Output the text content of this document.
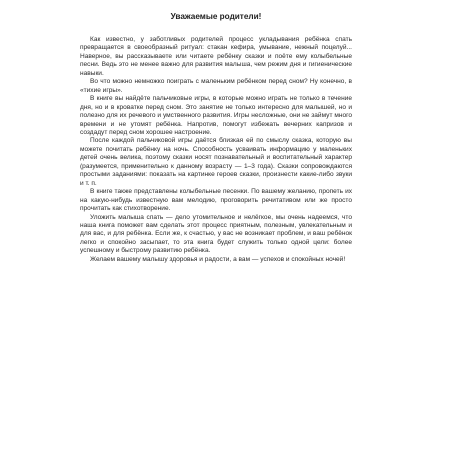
Уважаемые родители!

Как известно, у заботливых родителей процесс укладывания ребёнка спать превращается в своеобразный ритуал: стакан кефира, умывание, нежный поцелуй... Наверное, вы рассказываете или читаете ребёнку сказки и поёте ему колыбельные песни. Ведь это не менее важно для развития малыша, чем режим дня и гигиенические навыки.

Во что можно немножко поиграть с маленьким ребёнком перед сном? Ну конечно, в «тихие игры».

В книге вы найдёте пальчиковые игры, в которые можно играть не только в течение дня, но и в кроватке перед сном. Это занятие не только интересно для малышей, но и полезно для их речевого и умственного развития. Игры несложные, они не займут много времени и не утомят ребёнка. Напротив, помогут избежать вечерних капризов и создадут перед сном хорошее настроение.

После каждой пальчиковой игры даётся близкая ей по смыслу сказка, которую вы можете почитать ребёнку на ночь. Способность усваивать информацию у маленьких детей очень велика, поэтому сказки носят познавательный и воспитательный характер (разумеется, применительно к данному возрасту — 1–3 года). Сказки сопровождаются простыми заданиями: показать на картинке героев сказки, произнести какие-либо звуки и т. п.

В книге также представлены колыбельные песенки. По вашему желанию, пропеть их на какую-нибудь известную вам мелодию, проговорить речитативом или же просто прочитать как стихотворение.

Уложить малыша спать — дело утомительное и нелёгкое, мы очень надеемся, что наша книга поможет вам сделать этот процесс приятным, полезным, увлекательным и для вас, и для ребёнка. Если же, к счастью, у вас не возникает проблем, и ваш ребёнок легко и спокойно засыпает, то эта книга будет служить только одной цели: более успешному и быстрому развитию ребёнка.

Желаем вашему малышу здоровья и радости, а вам — успехов и спокойных ночей!
